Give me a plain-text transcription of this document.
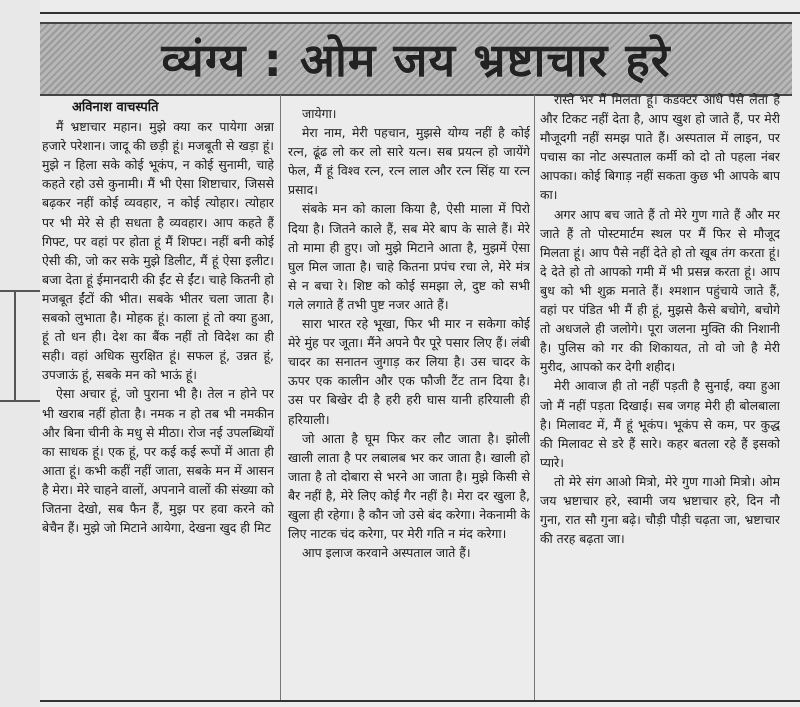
व्यंग्य : ओम जय भ्रष्टाचार हरे

अविनाश वाचस्पति

मैं भ्रष्टाचार महान। मुझे क्या कर पायेगा अन्ना हजारे परेशान। जादू की छड़ी हूं। मजबूती से खड़ा हूं। मुझे न हिला सके कोई भूकंप, न कोई सुनामी, चाहे कहते रहो उसे कुनामी। मैं भी ऐसा शिष्टाचार, जिससे बढ़कर नहीं कोई व्यवहार, न कोई त्योहार। त्योहार पर भी मेरे से ही सधता है व्यवहार। आप कहते हैं गिफ्ट, पर वहां पर होता हूं मैं शिफ्ट। नहीं बनी कोई ऐसी की, जो कर सके मुझे डिलीट, मैं हूं ऐसा इलीट। बजा देता हूं ईमानदारी की ईंट से ईंट। चाहे कितनी हो मजबूत ईंटों की भीत। सबके भीतर चला जाता है। सबको लुभाता है। मोहक हूं। काला हूं तो क्या हुआ, हूं तो धन ही। देश का बैंक नहीं तो विदेश का ही सही। वहां अधिक सुरक्षित हूं। सफल हूं, उन्नत हूं, उपजाऊं हूं, सबके मन को भाऊं हूं।

ऐसा अचार हूं, जो पुराना भी है। तेल न होने पर भी खराब नहीं होता है। नमक न हो तब भी नमकीन और बिना चीनी के मधु से मीठा। रोज नई उपलब्धियों का साधक हूं। एक हूं, पर कई कई रूपों में आता ही आता हूं। कभी कहीं नहीं जाता, सबके मन में आसन है मेरा। मेरे चाहने वालों, अपनाने वालों की संख्या को जितना देखो, सब फैन हैं, मुझ पर हवा करने को बेचैन हैं। मुझे जो मिटाने आयेगा, देखना खुद ही मिट

जायेगा।

मेरा नाम, मेरी पहचान, मुझसे योग्य नहीं है कोई रत्न, ढूंढ लो कर लो सारे यत्न। सब प्रयत्न हो जायेंगे फेल, मैं हूं विश्व रत्न, रत्न लाल और रत्न सिंह या रत्न प्रसाद।

संबके मन को काला किया है, ऐसी माला में पिरो दिया है। जितने काले हैं, सब मेरे बाप के साले हैं। मेरे तो मामा ही हुए। जो मुझे मिटाने आता है, मुझमें ऐसा घुल मिल जाता है। चाहे कितना प्रपंच रचा ले, मेरे मंत्र से न बचा रे। शिष्ट को कोई समझा ले, दुष्ट को सभी गले लगाते हैं तभी पुष्ट नजर आते हैं।

सारा भारत रहे भूखा, फिर भी मार न सकेगा कोई मेरे मुंह पर जूता। मैंने अपने पैर पूरे पसार लिए हैं। लंबी चादर का सनातन जुगाड़ कर लिया है। उस चादर के ऊपर एक कालीन और एक फौजी टैंट तान दिया है। उस पर बिखेर दी है हरी हरी घास यानी हरियाली ही हरियाली।

जो आता है घूम फिर कर लौट जाता है। झोली खाली लाता है पर लबालब भर कर जाता है। खाली हो जाता है तो दोबारा से भरने आ जाता है। मुझे किसी से बैर नहीं है, मेरे लिए कोई गैर नहीं है। मेरा दर खुला है, खुला ही रहेगा। है कौन जो उसे बंद करेगा। नेकनामी के लिए नाटक चंद करेगा, पर मेरी गति न मंद करेगा।

आप इलाज करवाने अस्पताल जाते हैं।

रास्ते भर मैं मिलता हूं। कंडक्टर आधे पैसे लेता है और टिकट नहीं देता है, आप खुश हो जाते हैं, पर मेरी मौजूदगी नहीं समझ पाते हैं। अस्पताल में लाइन, पर पचास का नोट अस्पताल कर्मी को दो तो पहला नंबर आपका। कोई बिगाड़ नहीं सकता कुछ भी आपके बाप का।

अगर आप बच जाते हैं तो मेरे गुण गाते हैं और मर जाते हैं तो पोस्टमार्टम स्थल पर मैं फिर से मौजूद मिलता हूं। आप पैसे नहीं देते हो तो खूब तंग करता हूं। दे देते हो तो आपको गमी में भी प्रसन्न करता हूं। आप बुध को भी शुक्र मनाते हैं। श्मशान पहुंचाये जाते हैं, वहां पर पंडित भी मैं ही हूं, मुझसे कैसे बचोगे, बचोगे तो अधजले ही जलोगे। पूरा जलना मुक्ति की निशानी है। पुलिस को गर की शिकायत, तो वो जो है मेरी मुरीद, आपको कर देगी शहीद।

मेरी आवाज ही तो नहीं पड़ती है सुनाई, क्या हुआ जो मैं नहीं पड़ता दिखाई। सब जगह मेरी ही बोलबाला है। मिलावट में, मैं हूं भूकंप। भूकंप से कम, पर कुद्ध की मिलावट से डरे हैं सारे। कहर बतला रहे हैं इसको प्यारे।

तो मेरे संग आओ मित्रो, मेरे गुण गाओ मित्रो। ओम जय भ्रष्टाचार हरे, स्वामी जय भ्रष्टाचार हरे, दिन नौ गुना, रात सौ गुना बढ़े। चौड़ी पौड़ी चढ़ता जा, भ्रष्टाचार की तरह बढ़ता जा।
